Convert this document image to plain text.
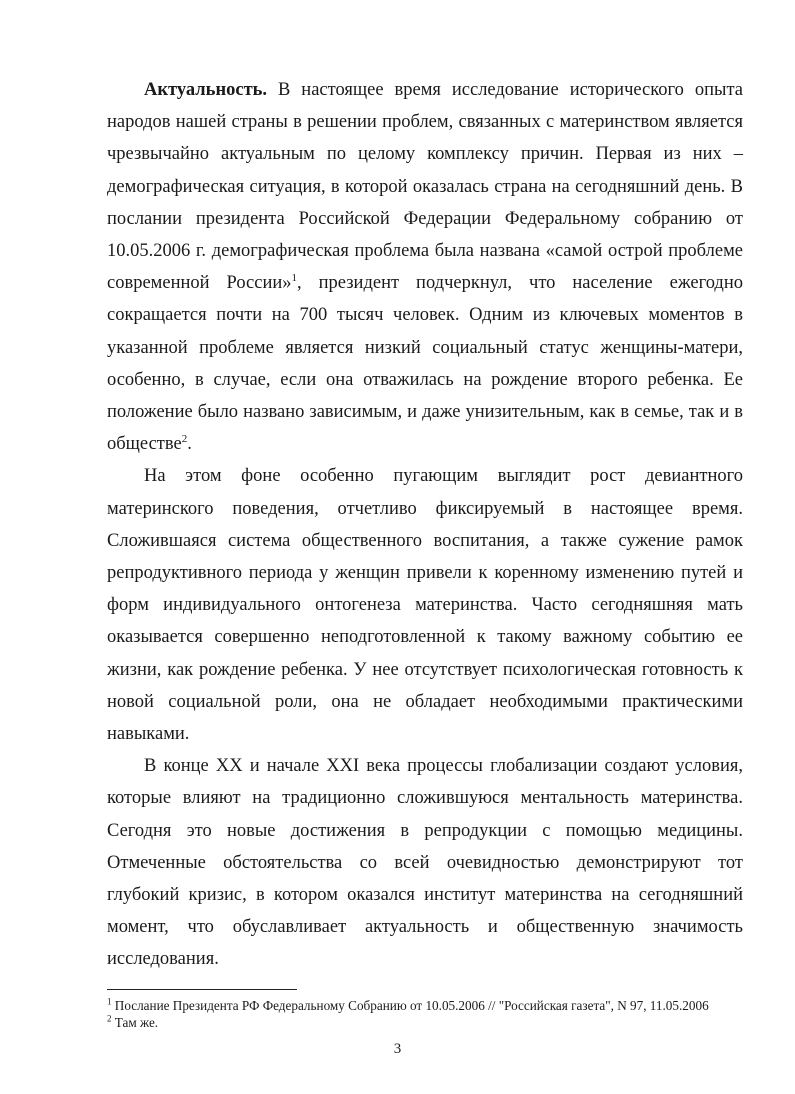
Актуальность. В настоящее время исследование исторического опыта народов нашей страны в решении проблем, связанных с материнством является чрезвычайно актуальным по целому комплексу причин. Первая из них – демографическая ситуация, в которой оказалась страна на сегодняшний день. В послании президента Российской Федерации Федеральному собранию от 10.05.2006 г. демографическая проблема была названа «самой острой проблеме современной России»$^1$, президент подчеркнул, что население ежегодно сокращается почти на 700 тысяч человек. Одним из ключевых моментов в указанной проблеме является низкий социальный статус женщины-матери, особенно, в случае, если она отважилась на рождение второго ребенка. Ее положение было названо зависимым, и даже унизительным, как в семье, так и в обществе$^2$.

На этом фоне особенно пугающим выглядит рост девиантного материнского поведения, отчетливо фиксируемый в настоящее время. Сложившаяся система общественного воспитания, а также сужение рамок репродуктивного периода у женщин привели к коренному изменению путей и форм индивидуального онтогенеза материнства. Часто сегодняшняя мать оказывается совершенно неподготовленной к такому важному событию ее жизни, как рождение ребенка. У нее отсутствует психологическая готовность к новой социальной роли, она не обладает необходимыми практическими навыками.

В конце XX и начале XXI века процессы глобализации создают условия, которые влияют на традиционно сложившуюся ментальность материнства. Сегодня это новые достижения в репродукции с помощью медицины. Отмеченные обстоятельства со всей очевидностью демонстрируют тот глубокий кризис, в котором оказался институт материнства на сегодняшний момент, что обуславливает актуальность и общественную значимость исследования.

$^1$ Послание Президента РФ Федеральному Собранию от 10.05.2006 // "Российская газета", N 97, 11.05.2006

$^2$ Там же.

3
